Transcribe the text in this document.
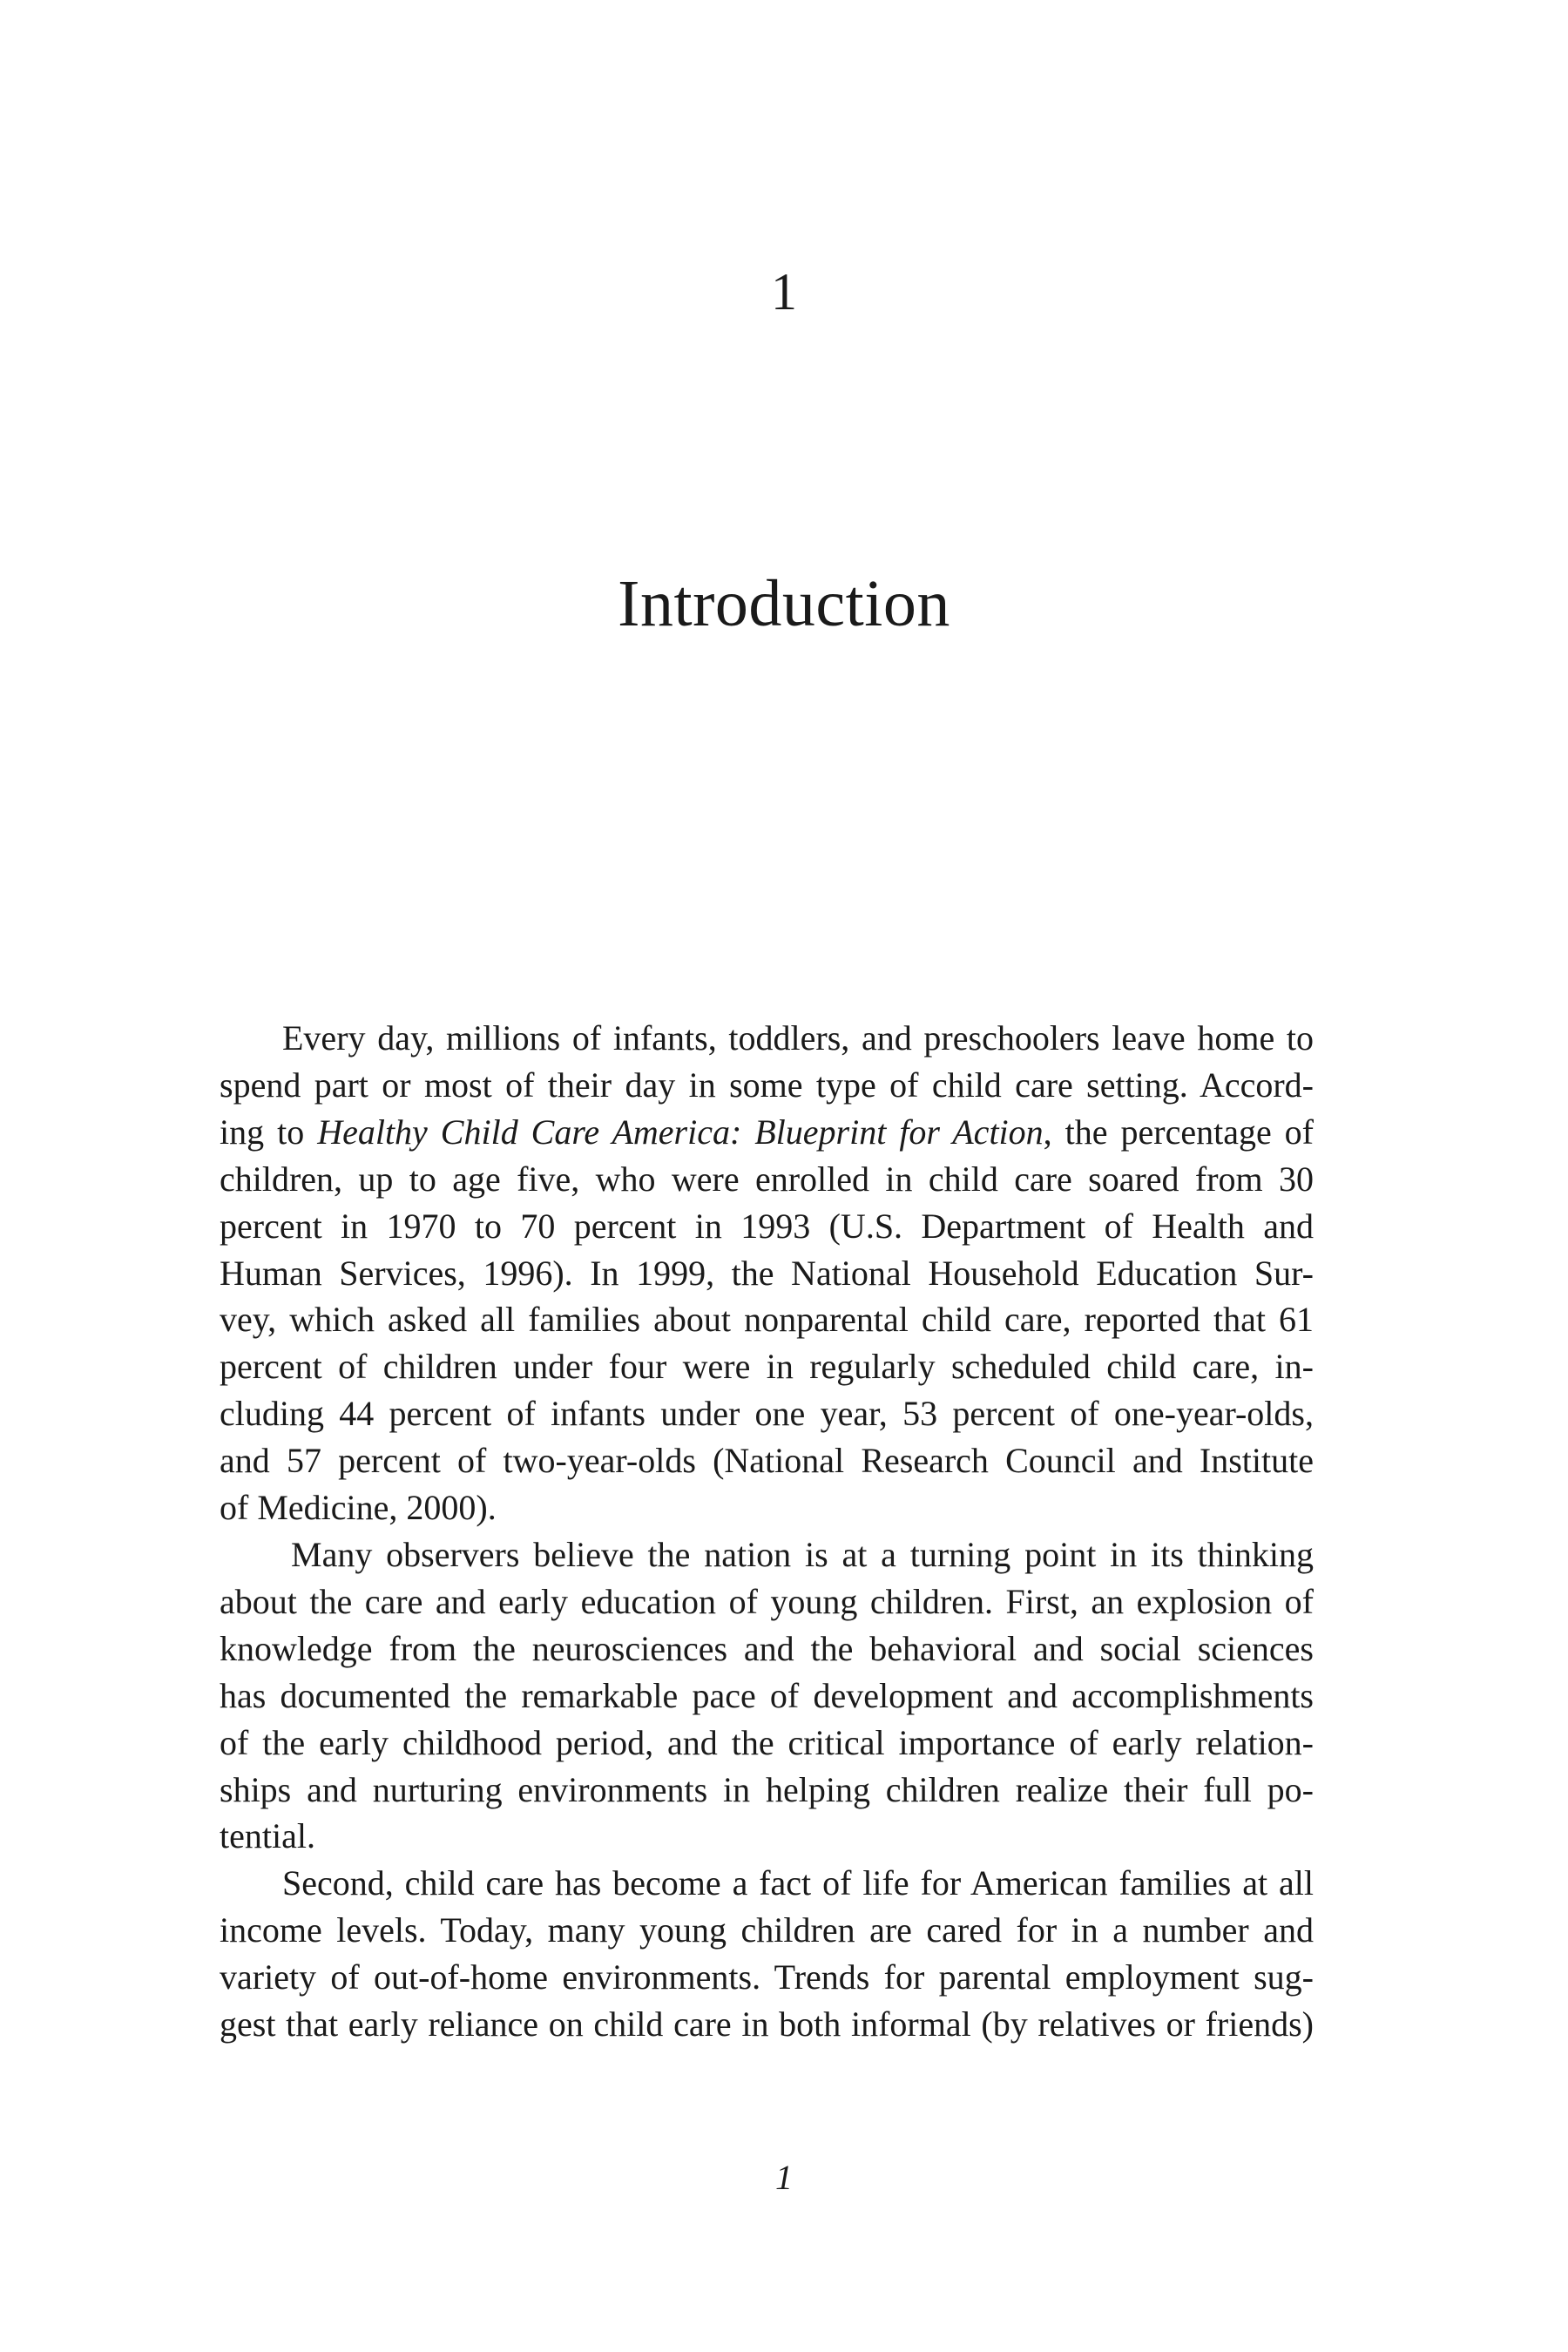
1
Introduction
Every day, millions of infants, toddlers, and preschoolers leave home to
spend part or most of their day in some type of child care setting. Accord-
ing to Healthy Child Care America: Blueprint for Action, the percentage of
children, up to age five, who were enrolled in child care soared from 30
percent in 1970 to 70 percent in 1993 (U.S. Department of Health and
Human Services, 1996). In 1999, the National Household Education Sur-
vey, which asked all families about nonparental child care, reported that 61
percent of children under four were in regularly scheduled child care, in-
cluding 44 percent of infants under one year, 53 percent of one-year-olds,
and 57 percent of two-year-olds (National Research Council and Institute
of Medicine, 2000).
Many observers believe the nation is at a turning point in its thinking
about the care and early education of young children. First, an explosion of
knowledge from the neurosciences and the behavioral and social sciences
has documented the remarkable pace of development and accomplishments
of the early childhood period, and the critical importance of early relation-
ships and nurturing environments in helping children realize their full po-
tential.
Second, child care has become a fact of life for American families at all
income levels. Today, many young children are cared for in a number and
variety of out-of-home environments. Trends for parental employment sug-
gest that early reliance on child care in both informal (by relatives or friends)
1
